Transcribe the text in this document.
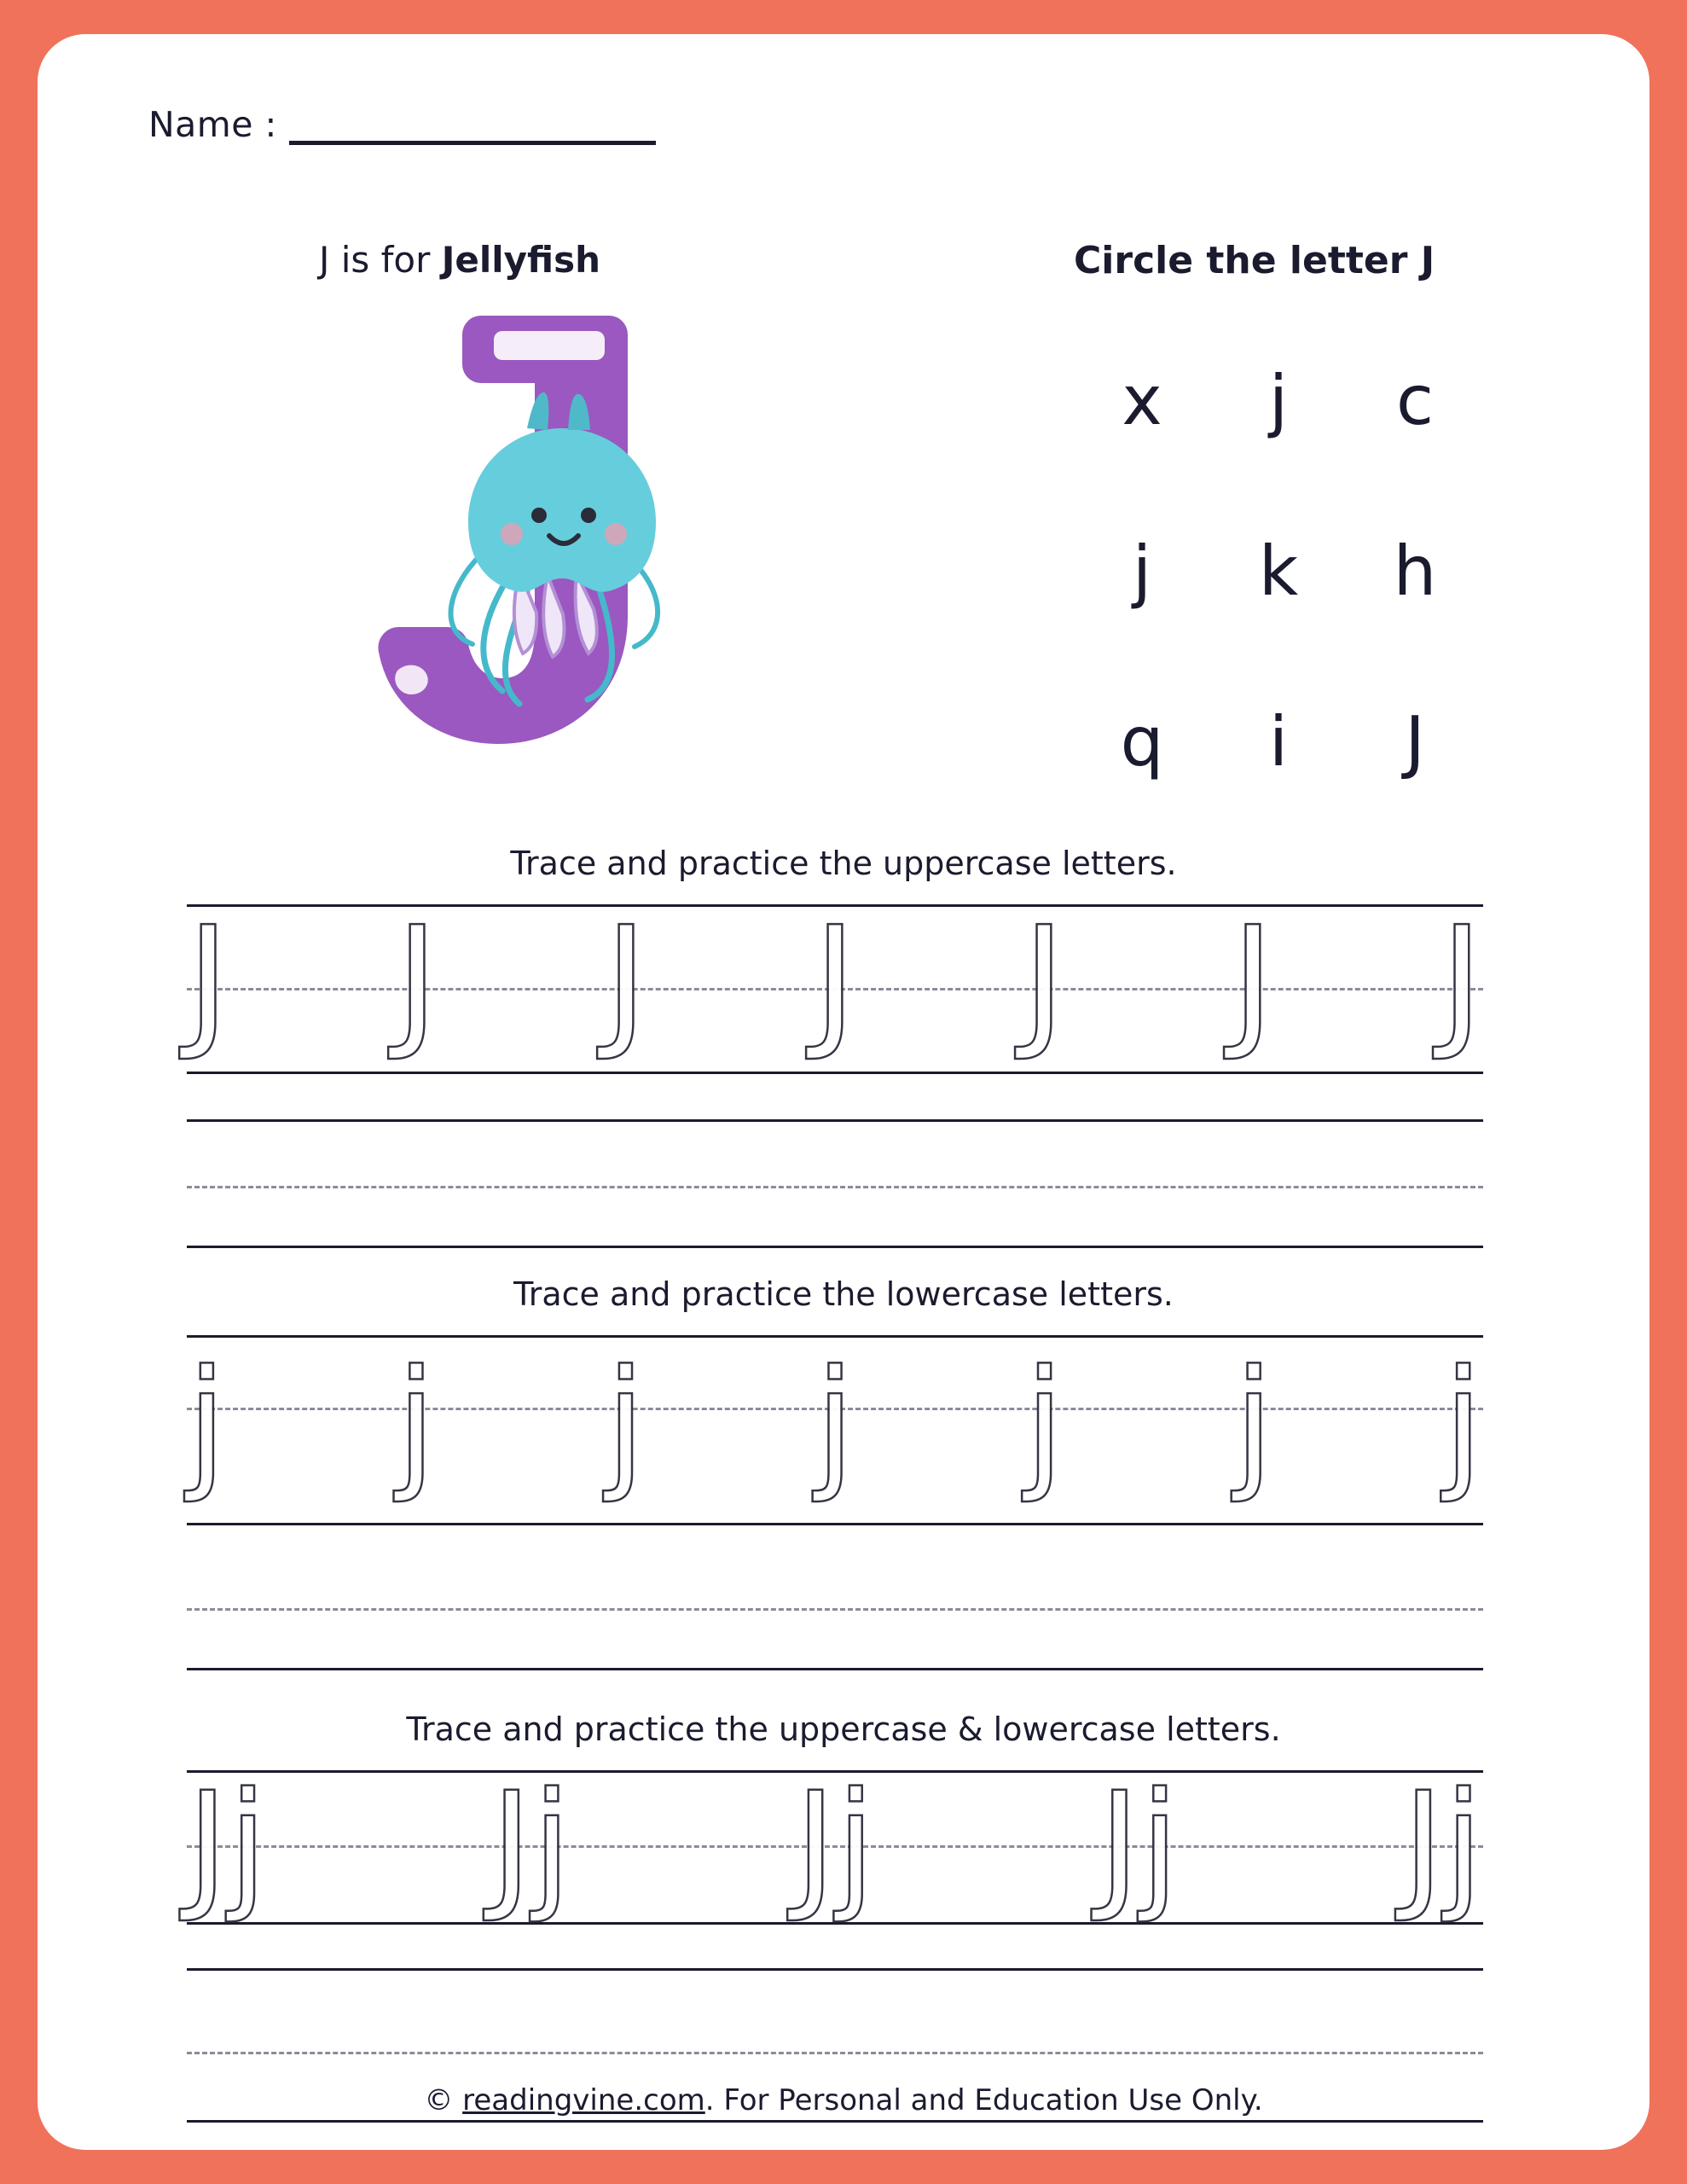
Name :
J is for Jellyfish	Circle the letter J
x j c
j k h
q i J
Trace and practice the uppercase letters.
J J J J J J J
Trace and practice the lowercase letters.
j j j j j j j
Trace and practice the uppercase & lowercase letters.
Jj Jj Jj Jj Jj
© readingvine.com. For Personal and Education Use Only.
